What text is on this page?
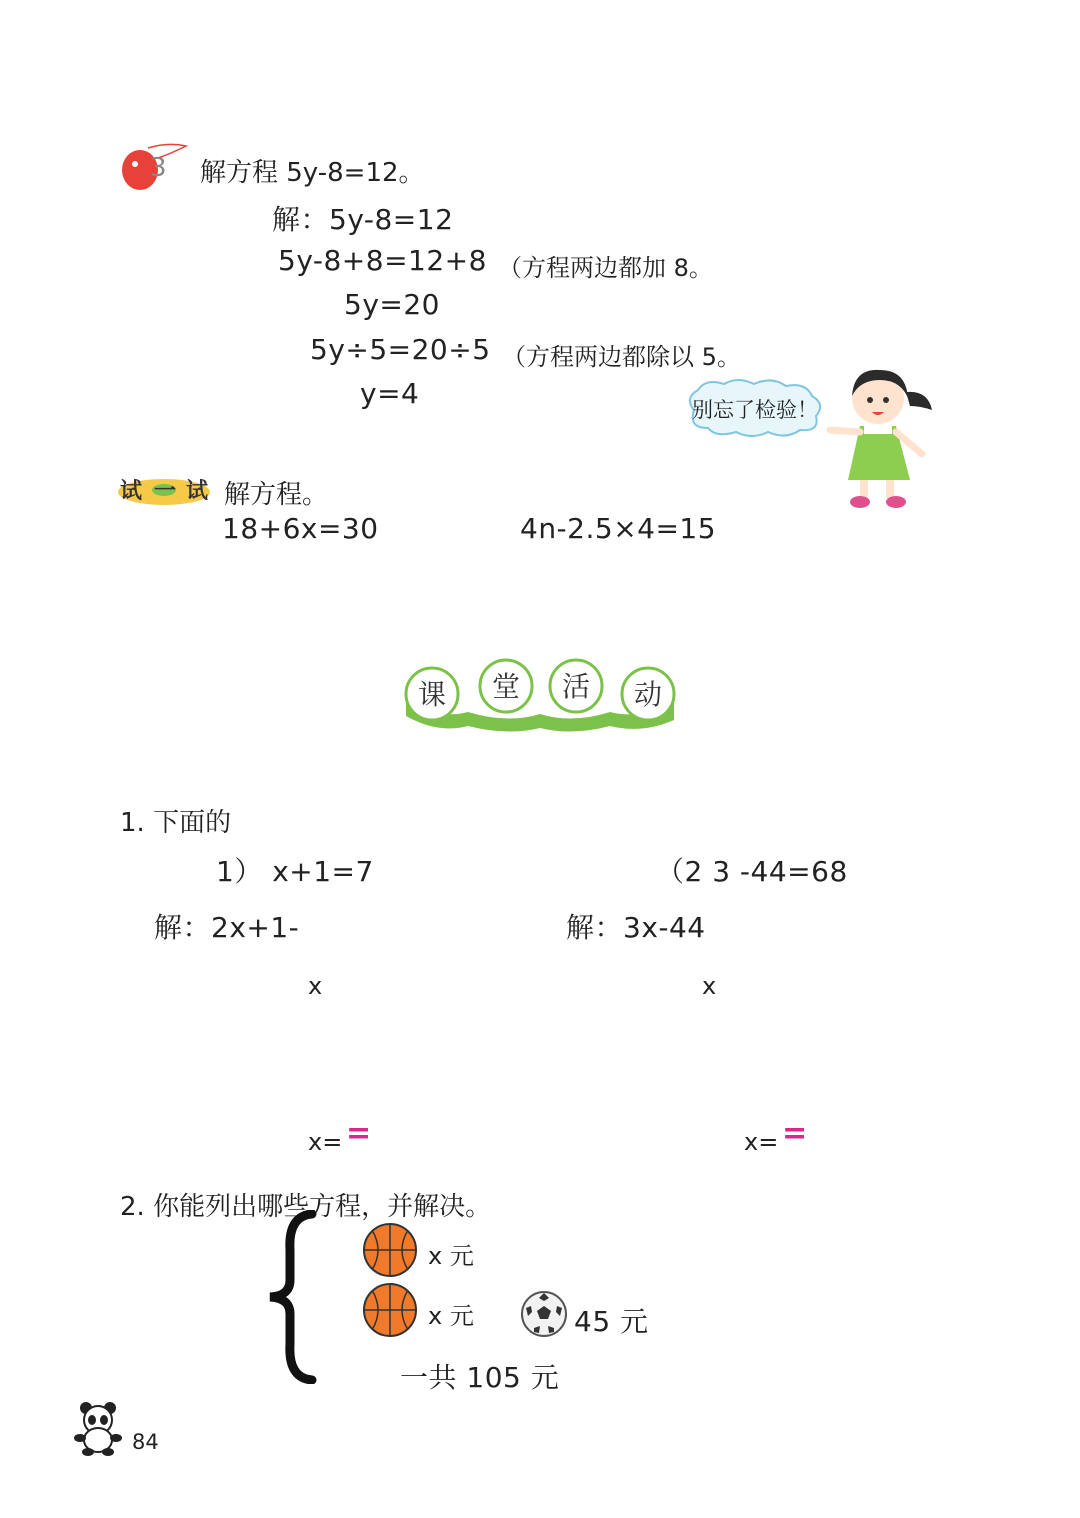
3 解方程 5y-8=12。
解：5y-8=12
5y-8+8=12+8 （方程两边都加 8。
5y=20
5y÷5=20÷5 （方程两边都除以 5。
y=4	别忘了检验！
试 一 试 解方程。
18+6x=30	4n-2.5×4=15
课 堂 活 动
1. 下面的
1） x+1=7	（2 3 -44=68
解：2x+1-	解：3x-44
x	x
x= =	x= =
2. 你能列出哪些方程，并解决。
x 元
x 元	45 元
一共 105 元
84
